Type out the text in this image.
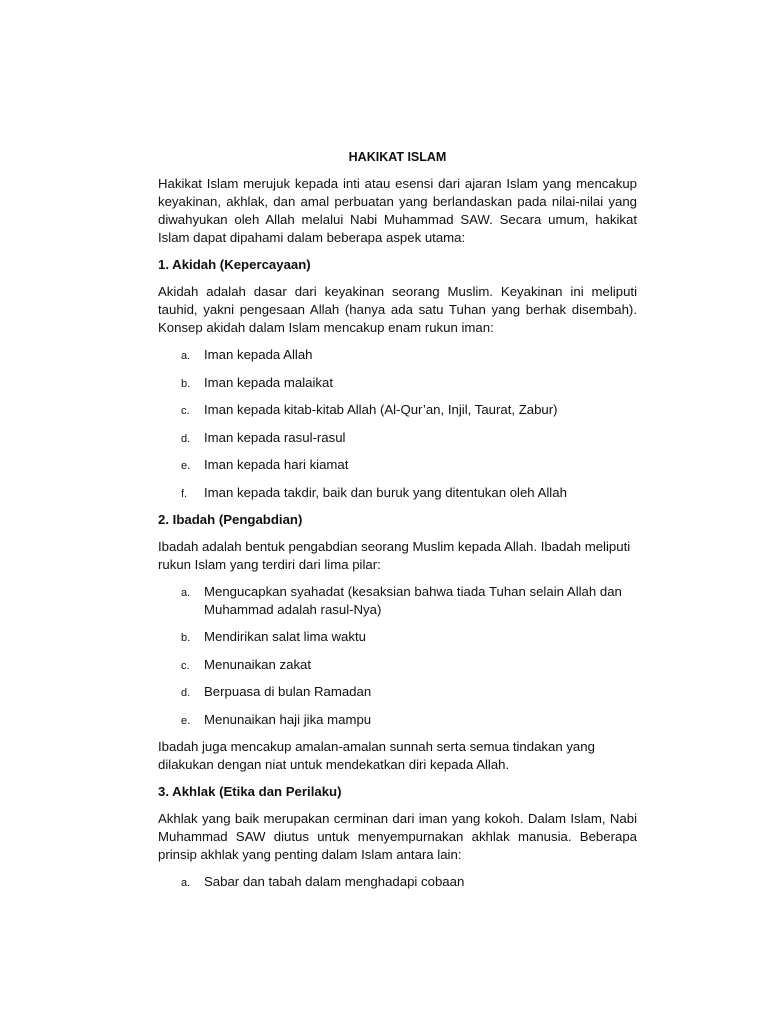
HAKIKAT ISLAM

Hakikat Islam merujuk kepada inti atau esensi dari ajaran Islam yang mencakup keyakinan, akhlak, dan amal perbuatan yang berlandaskan pada nilai-nilai yang diwahyukan oleh Allah melalui Nabi Muhammad SAW. Secara umum, hakikat Islam dapat dipahami dalam beberapa aspek utama:

1. Akidah (Kepercayaan)

Akidah adalah dasar dari keyakinan seorang Muslim. Keyakinan ini meliputi tauhid, yakni pengesaan Allah (hanya ada satu Tuhan yang berhak disembah). Konsep akidah dalam Islam mencakup enam rukun iman:

a. Iman kepada Allah
b. Iman kepada malaikat
c. Iman kepada kitab-kitab Allah (Al-Qur’an, Injil, Taurat, Zabur)
d. Iman kepada rasul-rasul
e. Iman kepada hari kiamat
f. Iman kepada takdir, baik dan buruk yang ditentukan oleh Allah
2. Ibadah (Pengabdian)

Ibadah adalah bentuk pengabdian seorang Muslim kepada Allah. Ibadah meliputi rukun Islam yang terdiri dari lima pilar:

a. Mengucapkan syahadat (kesaksian bahwa tiada Tuhan selain Allah dan Muhammad adalah rasul-Nya)
b. Mendirikan salat lima waktu
c. Menunaikan zakat
d. Berpuasa di bulan Ramadan
e. Menunaikan haji jika mampu

Ibadah juga mencakup amalan-amalan sunnah serta semua tindakan yang dilakukan dengan niat untuk mendekatkan diri kepada Allah.

3. Akhlak (Etika dan Perilaku)

Akhlak yang baik merupakan cerminan dari iman yang kokoh. Dalam Islam, Nabi Muhammad SAW diutus untuk menyempurnakan akhlak manusia. Beberapa prinsip akhlak yang penting dalam Islam antara lain:

a. Sabar dan tabah dalam menghadapi cobaan
